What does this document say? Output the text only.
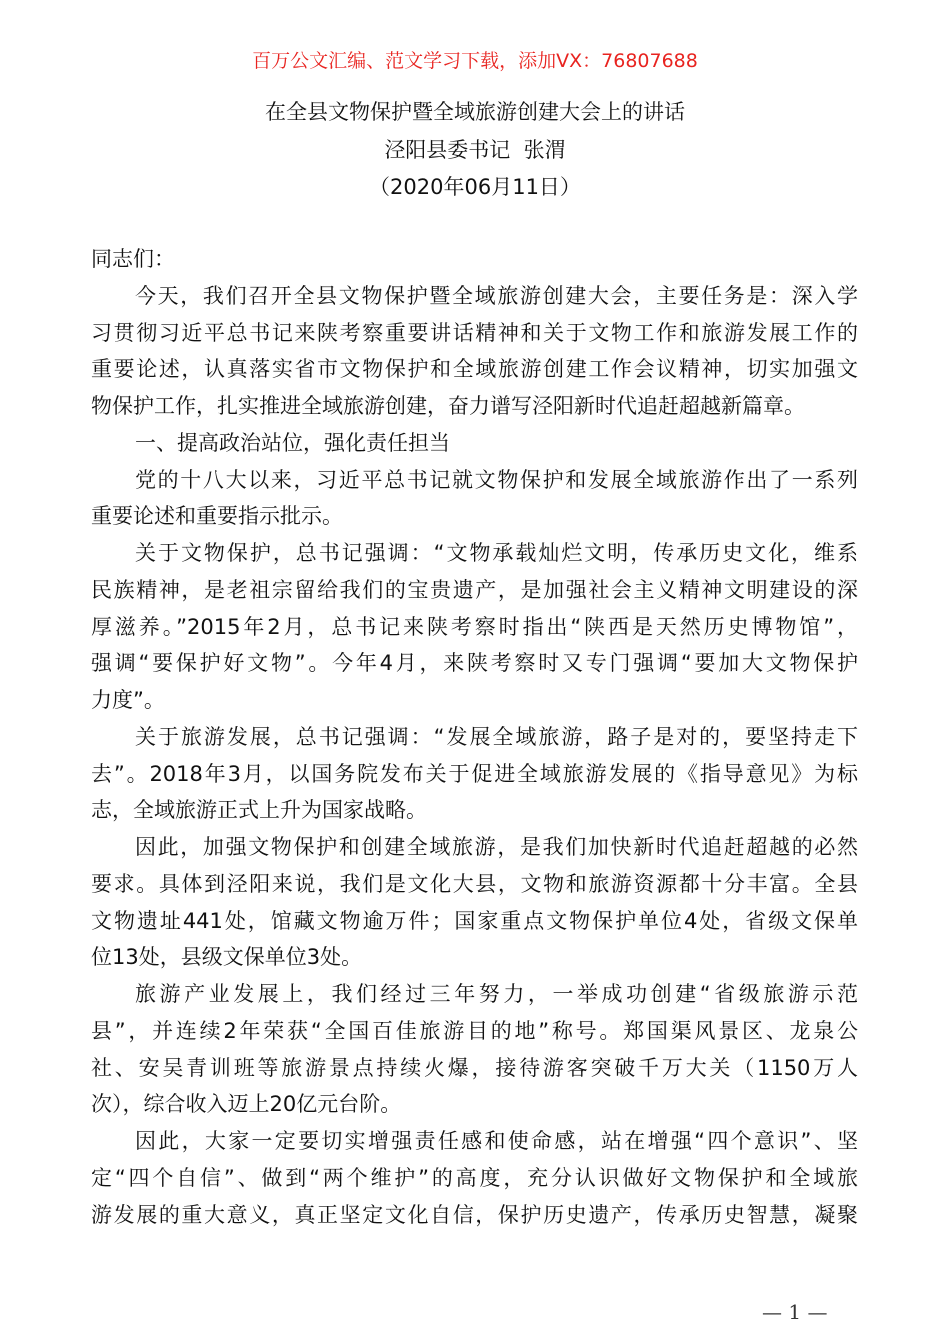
百万公文汇编、范文学习下载，添加VX：76807688
在全县文物保护暨全域旅游创建大会上的讲话
泾阳县委书记  张渭
（2020年06月11日）
同志们：
今天，我们召开全县文物保护暨全域旅游创建大会，主要任务是：深入学
习贯彻习近平总书记来陕考察重要讲话精神和关于文物工作和旅游发展工作的
重要论述，认真落实省市文物保护和全域旅游创建工作会议精神，切实加强文
物保护工作，扎实推进全域旅游创建，奋力谱写泾阳新时代追赶超越新篇章。
一、提高政治站位，强化责任担当
党的十八大以来，习近平总书记就文物保护和发展全域旅游作出了一系列
重要论述和重要指示批示。
关于文物保护，总书记强调：“文物承载灿烂文明，传承历史文化，维系
民族精神，是老祖宗留给我们的宝贵遗产，是加强社会主义精神文明建设的深
厚滋养。”2015年2月，总书记来陕考察时指出“陕西是天然历史博物馆”，
强调“要保护好文物”。今年4月，来陕考察时又专门强调“要加大文物保护
力度”。
关于旅游发展，总书记强调：“发展全域旅游，路子是对的，要坚持走下
去”。2018年3月，以国务院发布关于促进全域旅游发展的《指导意见》为标
志，全域旅游正式上升为国家战略。
因此，加强文物保护和创建全域旅游，是我们加快新时代追赶超越的必然
要求。具体到泾阳来说，我们是文化大县，文物和旅游资源都十分丰富。全县
文物遗址441处，馆藏文物逾万件；国家重点文物保护单位4处，省级文保单
位13处，县级文保单位3处。
旅游产业发展上，我们经过三年努力，一举成功创建“省级旅游示范
县”，并连续2年荣获“全国百佳旅游目的地”称号。郑国渠风景区、龙泉公
社、安吴青训班等旅游景点持续火爆，接待游客突破千万大关（1150万人
次），综合收入迈上20亿元台阶。
因此，大家一定要切实增强责任感和使命感，站在增强“四个意识”、坚
定“四个自信”、做到“两个维护”的高度，充分认识做好文物保护和全域旅
游发展的重大意义，真正坚定文化自信，保护历史遗产，传承历史智慧，凝聚
— 1 —
